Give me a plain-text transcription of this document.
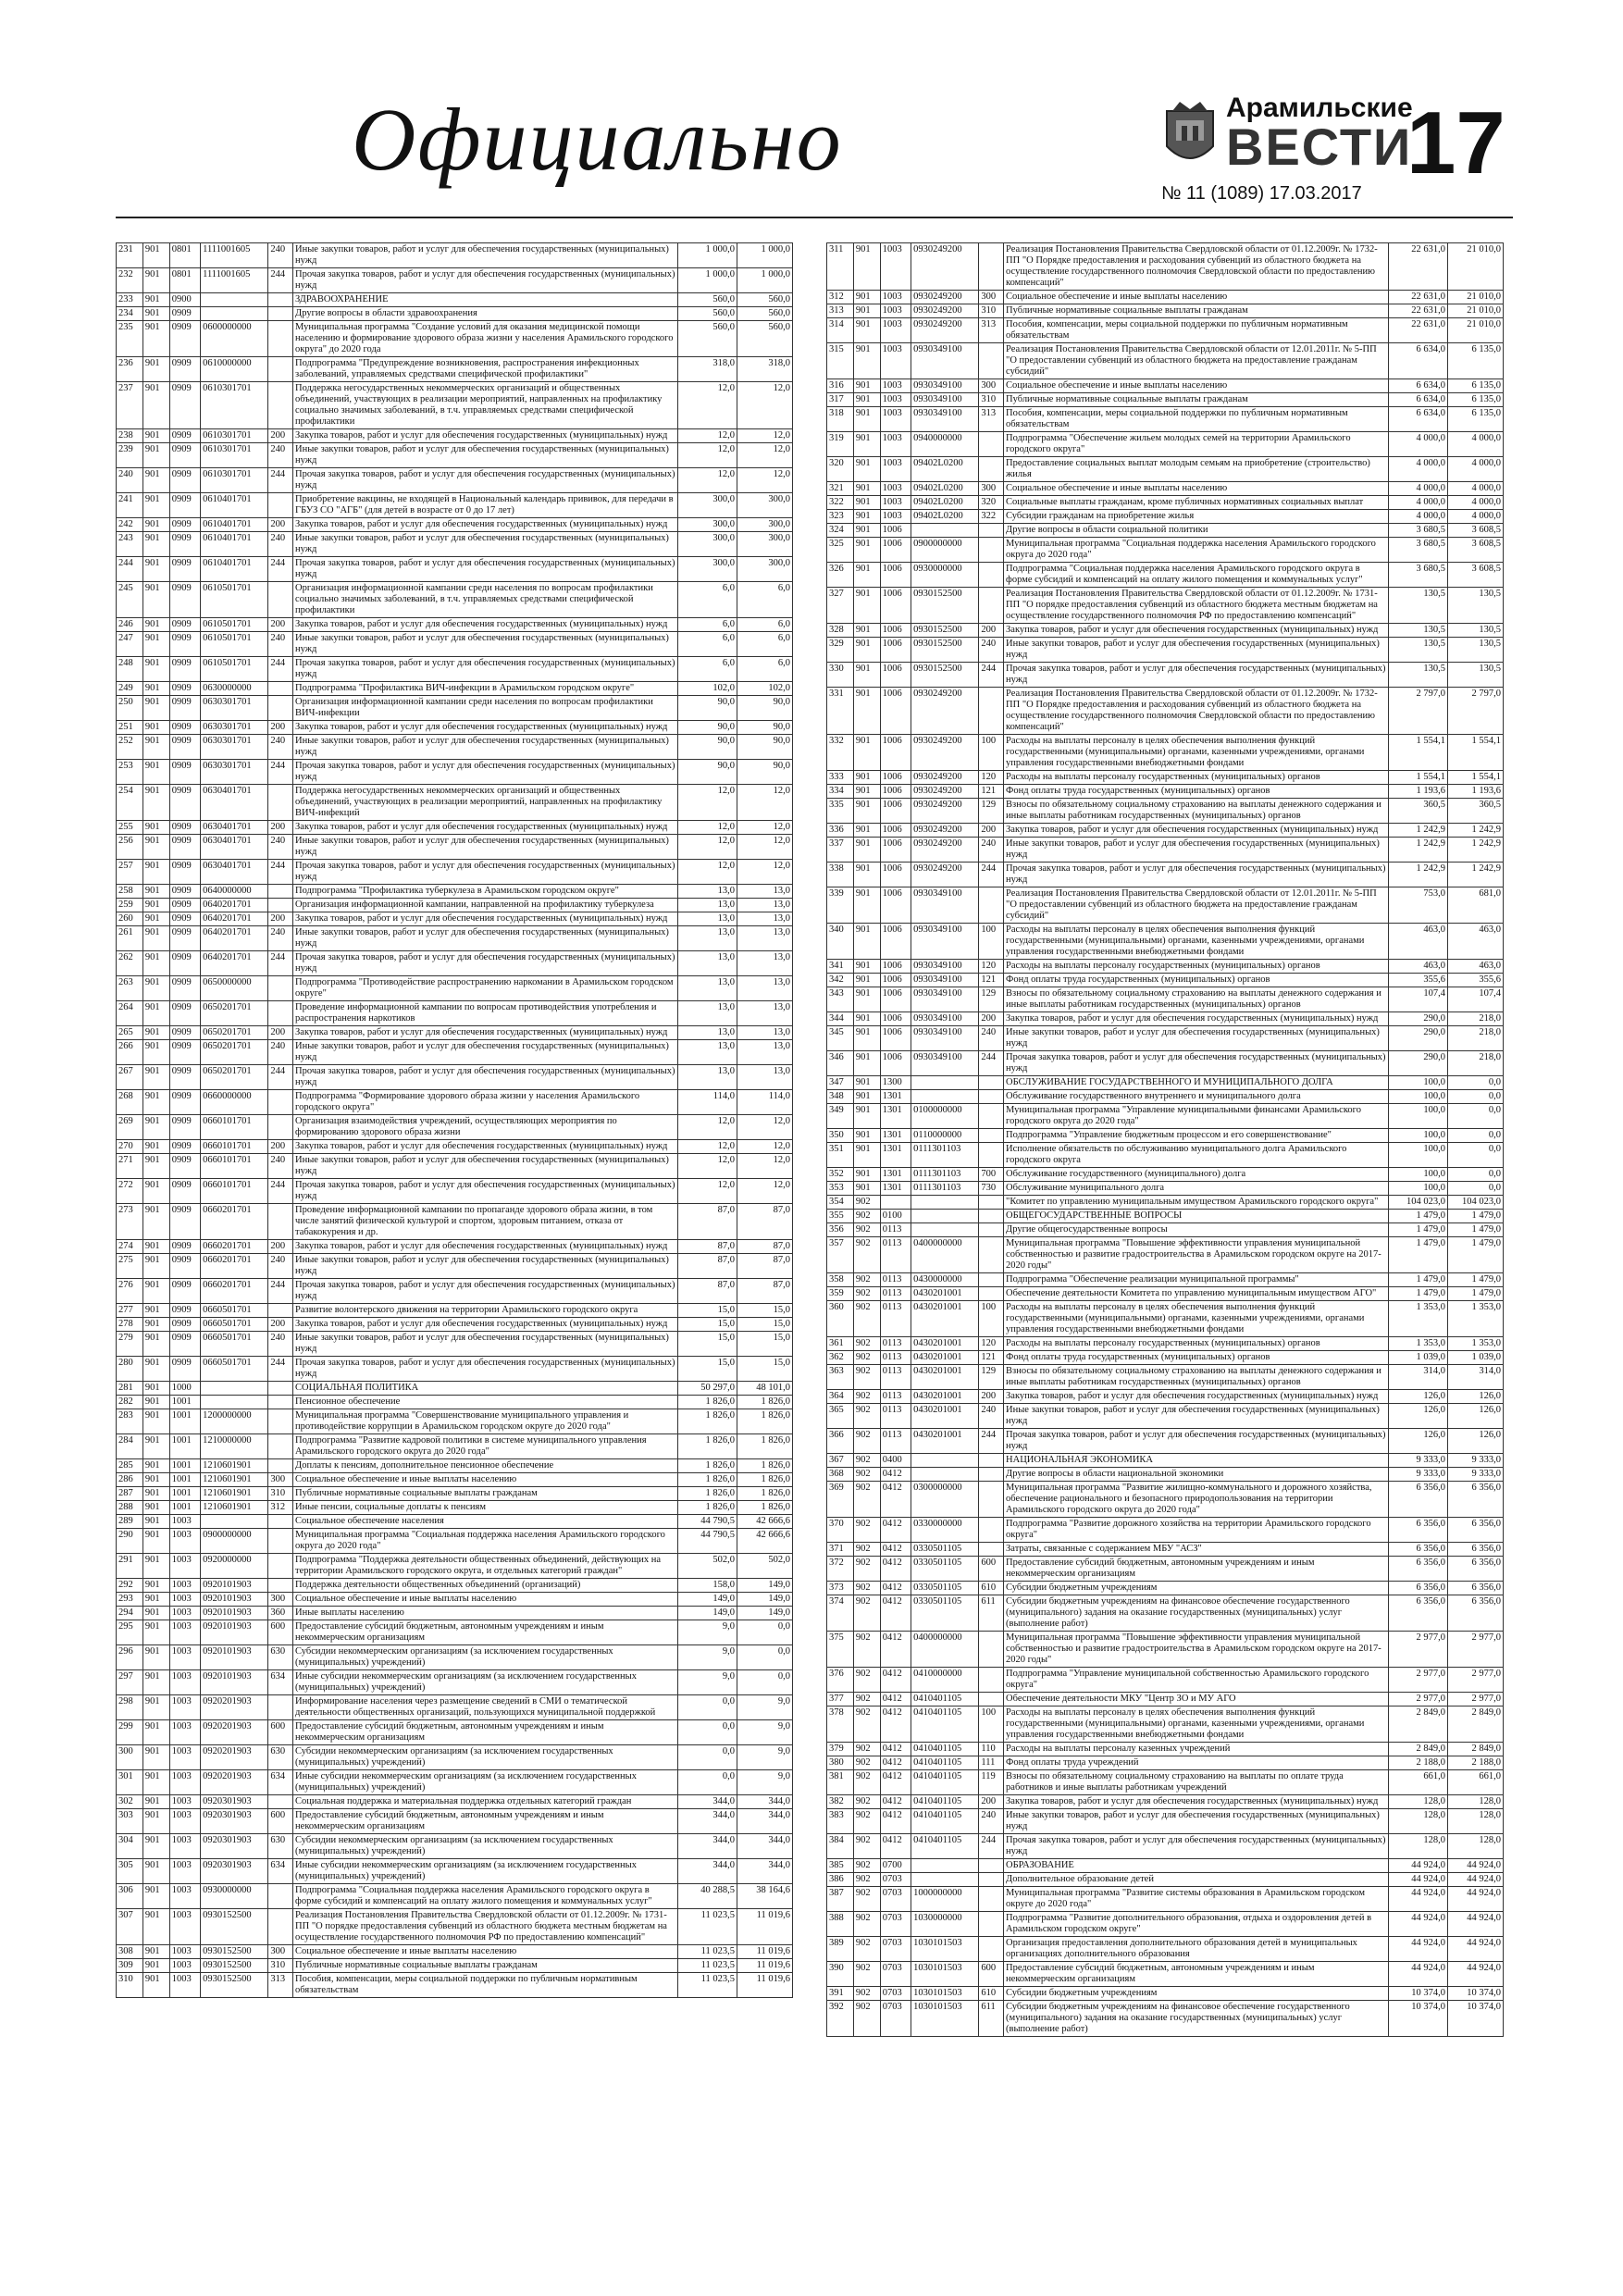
Официально	Арамильские
ВЕСТИ
17
№ 11 (1089) 17.03.2017
231	901	0801	1111001605	240	Иные закупки товаров, работ и услуг для обеспечения государственных (муниципальных) нужд	1 000,0	1 000,0
232	901	0801	1111001605	244	Прочая закупка товаров, работ и услуг для обеспечения государственных (муниципальных) нужд	1 000,0	1 000,0
233	901	0900			ЗДРАВООХРАНЕНИЕ	560,0	560,0
234	901	0909			Другие вопросы в области здравоохранения	560,0	560,0
235	901	0909	0600000000		Муниципальная программа "Создание условий для оказания медицинской помощи населению и формирование здорового образа жизни у населения Арамильского городского округа" до 2020 года	560,0	560,0
236	901	0909	0610000000		Подпрограмма "Предупреждение возникновения, распространения инфекционных заболеваний, управляемых средствами специфической профилактики"	318,0	318,0
237	901	0909	0610301701		Поддержка негосударственных некоммерческих организаций и общественных объединений, участвующих в реализации мероприятий, направленных на профилактику социально значимых заболеваний, в т.ч. управляемых средствами специфической профилактики	12,0	12,0
238	901	0909	0610301701	200	Закупка товаров, работ и услуг для обеспечения государственных (муниципальных) нужд	12,0	12,0
239	901	0909	0610301701	240	Иные закупки товаров, работ и услуг для обеспечения государственных (муниципальных) нужд	12,0	12,0
240	901	0909	0610301701	244	Прочая закупка товаров, работ и услуг для обеспечения государственных (муниципальных) нужд	12,0	12,0
241	901	0909	0610401701		Приобретение вакцины, не входящей в Национальный календарь прививок, для передачи в ГБУЗ СО "АГБ" (для детей в возрасте от 0 до 17 лет)	300,0	300,0
242	901	0909	0610401701	200	Закупка товаров, работ и услуг для обеспечения государственных (муниципальных) нужд	300,0	300,0
243	901	0909	0610401701	240	Иные закупки товаров, работ и услуг для обеспечения государственных (муниципальных) нужд	300,0	300,0
244	901	0909	0610401701	244	Прочая закупка товаров, работ и услуг для обеспечения государственных (муниципальных) нужд	300,0	300,0
245	901	0909	0610501701		Организация информационной кампании среди населения по вопросам профилактики социально значимых заболеваний, в т.ч. управляемых средствами специфической профилактики	6,0	6,0
246	901	0909	0610501701	200	Закупка товаров, работ и услуг для обеспечения государственных (муниципальных) нужд	6,0	6,0
247	901	0909	0610501701	240	Иные закупки товаров, работ и услуг для обеспечения государственных (муниципальных) нужд	6,0	6,0
248	901	0909	0610501701	244	Прочая закупка товаров, работ и услуг для обеспечения государственных (муниципальных) нужд	6,0	6,0
249	901	0909	0630000000		Подпрограмма "Профилактика ВИЧ-инфекции в Арамильском городском округе"	102,0	102,0
250	901	0909	0630301701		Организация информационной кампании среди населения по вопросам профилактики ВИЧ-инфекции	90,0	90,0
251	901	0909	0630301701	200	Закупка товаров, работ и услуг для обеспечения государственных (муниципальных) нужд	90,0	90,0
252	901	0909	0630301701	240	Иные закупки товаров, работ и услуг для обеспечения государственных (муниципальных) нужд	90,0	90,0
253	901	0909	0630301701	244	Прочая закупка товаров, работ и услуг для обеспечения государственных (муниципальных) нужд	90,0	90,0
254	901	0909	0630401701		Поддержка негосударственных некоммерческих организаций и общественных объединений, участвующих в реализации мероприятий, направленных на профилактику ВИЧ-инфекций	12,0	12,0
255	901	0909	0630401701	200	Закупка товаров, работ и услуг для обеспечения государственных (муниципальных) нужд	12,0	12,0
256	901	0909	0630401701	240	Иные закупки товаров, работ и услуг для обеспечения государственных (муниципальных) нужд	12,0	12,0
257	901	0909	0630401701	244	Прочая закупка товаров, работ и услуг для обеспечения государственных (муниципальных) нужд	12,0	12,0
258	901	0909	0640000000		Подпрограмма "Профилактика туберкулеза в Арамильском городском округе"	13,0	13,0
259	901	0909	0640201701		Организация информационной кампании, направленной на профилактику туберкулеза	13,0	13,0
260	901	0909	0640201701	200	Закупка товаров, работ и услуг для обеспечения государственных (муниципальных) нужд	13,0	13,0
261	901	0909	0640201701	240	Иные закупки товаров, работ и услуг для обеспечения государственных (муниципальных) нужд	13,0	13,0
262	901	0909	0640201701	244	Прочая закупка товаров, работ и услуг для обеспечения государственных (муниципальных) нужд	13,0	13,0
263	901	0909	0650000000		Подпрограмма "Противодействие распространению наркомании в Арамильском городском округе"	13,0	13,0
264	901	0909	0650201701		Проведение информационной кампании по вопросам противодействия употребления и распространения наркотиков	13,0	13,0
265	901	0909	0650201701	200	Закупка товаров, работ и услуг для обеспечения государственных (муниципальных) нужд	13,0	13,0
266	901	0909	0650201701	240	Иные закупки товаров, работ и услуг для обеспечения государственных (муниципальных) нужд	13,0	13,0
267	901	0909	0650201701	244	Прочая закупка товаров, работ и услуг для обеспечения государственных (муниципальных) нужд	13,0	13,0
268	901	0909	0660000000		Подпрограмма "Формирование здорового образа жизни у населения Арамильского городского округа"	114,0	114,0
269	901	0909	0660101701		Организация взаимодействия учреждений, осуществляющих мероприятия по формированию здорового образа жизни	12,0	12,0
270	901	0909	0660101701	200	Закупка товаров, работ и услуг для обеспечения государственных (муниципальных) нужд	12,0	12,0
271	901	0909	0660101701	240	Иные закупки товаров, работ и услуг для обеспечения государственных (муниципальных) нужд	12,0	12,0
272	901	0909	0660101701	244	Прочая закупка товаров, работ и услуг для обеспечения государственных (муниципальных) нужд	12,0	12,0
273	901	0909	0660201701		Проведение информационной кампании по пропаганде здорового образа жизни, в том числе занятий физической культурой и спортом, здоровым питанием, отказа от табакокурения и др.	87,0	87,0
274	901	0909	0660201701	200	Закупка товаров, работ и услуг для обеспечения государственных (муниципальных) нужд	87,0	87,0
275	901	0909	0660201701	240	Иные закупки товаров, работ и услуг для обеспечения государственных (муниципальных) нужд	87,0	87,0
276	901	0909	0660201701	244	Прочая закупка товаров, работ и услуг для обеспечения государственных (муниципальных) нужд	87,0	87,0
277	901	0909	0660501701		Развитие волонтерского движения на территории Арамильского городского округа	15,0	15,0
278	901	0909	0660501701	200	Закупка товаров, работ и услуг для обеспечения государственных (муниципальных) нужд	15,0	15,0
279	901	0909	0660501701	240	Иные закупки товаров, работ и услуг для обеспечения государственных (муниципальных) нужд	15,0	15,0
280	901	0909	0660501701	244	Прочая закупка товаров, работ и услуг для обеспечения государственных (муниципальных) нужд	15,0	15,0
281	901	1000			СОЦИАЛЬНАЯ ПОЛИТИКА	50 297,0	48 101,0
282	901	1001			Пенсионное обеспечение	1 826,0	1 826,0
283	901	1001	1200000000		Муниципальная программа "Совершенствование муниципального управления и противодействие коррупции в Арамильском городском округе до 2020 года"	1 826,0	1 826,0
284	901	1001	1210000000		Подпрограмма "Развитие кадровой политики в системе муниципального управления Арамильского городского округа до 2020 года"	1 826,0	1 826,0
285	901	1001	1210601901		Доплаты к пенсиям, дополнительное пенсионное обеспечение	1 826,0	1 826,0
286	901	1001	1210601901	300	Социальное обеспечение и иные выплаты населению	1 826,0	1 826,0
287	901	1001	1210601901	310	Публичные нормативные социальные выплаты гражданам	1 826,0	1 826,0
288	901	1001	1210601901	312	Иные пенсии, социальные доплаты к пенсиям	1 826,0	1 826,0
289	901	1003			Социальное обеспечение населения	44 790,5	42 666,6
290	901	1003	0900000000		Муниципальная программа "Социальная поддержка населения Арамильского городского округа до 2020 года"	44 790,5	42 666,6
291	901	1003	0920000000		Подпрограмма "Поддержка деятельности общественных объединений, действующих на территории Арамильского городского округа, и отдельных категорий граждан"	502,0	502,0
292	901	1003	0920101903		Поддержка деятельности общественных объединений (организаций)	158,0	149,0
293	901	1003	0920101903	300	Социальное обеспечение и иные выплаты населению	149,0	149,0
294	901	1003	0920101903	360	Иные выплаты населению	149,0	149,0
295	901	1003	0920101903	600	Предоставление субсидий бюджетным, автономным учреждениям и иным некоммерческим организациям	9,0	0,0
296	901	1003	0920101903	630	Субсидии некоммерческим организациям (за исключением государственных (муниципальных) учреждений)	9,0	0,0
297	901	1003	0920101903	634	Иные субсидии некоммерческим организациям (за исключением государственных (муниципальных) учреждений)	9,0	0,0
298	901	1003	0920201903		Информирование населения через размещение сведений в СМИ о тематической деятельности общественных организаций, пользующихся муниципальной поддержкой	0,0	9,0
299	901	1003	0920201903	600	Предоставление субсидий бюджетным, автономным учреждениям и иным некоммерческим организациям	0,0	9,0
300	901	1003	0920201903	630	Субсидии некоммерческим организациям (за исключением государственных (муниципальных) учреждений)	0,0	9,0
301	901	1003	0920201903	634	Иные субсидии некоммерческим организациям (за исключением государственных (муниципальных) учреждений)	0,0	9,0
302	901	1003	0920301903		Социальная поддержка и материальная поддержка отдельных категорий граждан	344,0	344,0
303	901	1003	0920301903	600	Предоставление субсидий бюджетным, автономным учреждениям и иным некоммерческим организациям	344,0	344,0
304	901	1003	0920301903	630	Субсидии некоммерческим организациям (за исключением государственных (муниципальных) учреждений)	344,0	344,0
305	901	1003	0920301903	634	Иные субсидии некоммерческим организациям (за исключением государственных (муниципальных) учреждений)	344,0	344,0
306	901	1003	0930000000		Подпрограмма "Социальная поддержка населения Арамильского городского округа в форме субсидий и компенсаций на оплату жилого помещения и коммунальных услуг"	40 288,5	38 164,6
307	901	1003	0930152500		Реализация Постановления Правительства Свердловской области от 01.12.2009г. № 1731-ПП "О порядке предоставления субвенций из областного бюджета местным бюджетам на осуществление государственного полномочия РФ по предоставлению компенсаций"	11 023,5	11 019,6
308	901	1003	0930152500	300	Социальное обеспечение и иные выплаты населению	11 023,5	11 019,6
309	901	1003	0930152500	310	Публичные нормативные социальные выплаты гражданам	11 023,5	11 019,6
310	901	1003	0930152500	313	Пособия, компенсации, меры социальной поддержки по публичным нормативным обязательствам	11 023,5	11 019,6
311	901	1003	0930249200		Реализация Постановления Правительства Свердловской области от 01.12.2009г. № 1732-ПП "О Порядке предоставления и расходования субвенций из областного бюджета на осуществление государственного полномочия Свердловской области по предоставлению компенсаций"	22 631,0	21 010,0
312	901	1003	0930249200	300	Социальное обеспечение и иные выплаты населению	22 631,0	21 010,0
313	901	1003	0930249200	310	Публичные нормативные социальные выплаты гражданам	22 631,0	21 010,0
314	901	1003	0930249200	313	Пособия, компенсации, меры социальной поддержки по публичным нормативным обязательствам	22 631,0	21 010,0
315	901	1003	0930349100		Реализация Постановления Правительства Свердловской области от 12.01.2011г. № 5-ПП "О предоставлении субвенций из областного бюджета на предоставление гражданам субсидий"	6 634,0	6 135,0
316	901	1003	0930349100	300	Социальное обеспечение и иные выплаты населению	6 634,0	6 135,0
317	901	1003	0930349100	310	Публичные нормативные социальные выплаты гражданам	6 634,0	6 135,0
318	901	1003	0930349100	313	Пособия, компенсации, меры социальной поддержки по публичным нормативным обязательствам	6 634,0	6 135,0
319	901	1003	0940000000		Подпрограмма "Обеспечение жильем молодых семей на территории Арамильского городского округа"	4 000,0	4 000,0
320	901	1003	09402L0200		Предоставление социальных выплат молодым семьям на приобретение (строительство) жилья	4 000,0	4 000,0
321	901	1003	09402L0200	300	Социальное обеспечение и иные выплаты населению	4 000,0	4 000,0
322	901	1003	09402L0200	320	Социальные выплаты гражданам, кроме публичных нормативных социальных выплат	4 000,0	4 000,0
323	901	1003	09402L0200	322	Субсидии гражданам на приобретение жилья	4 000,0	4 000,0
324	901	1006			Другие вопросы в области социальной политики	3 680,5	3 608,5
325	901	1006	0900000000		Муниципальная программа "Социальная поддержка населения Арамильского городского округа до 2020 года"	3 680,5	3 608,5
326	901	1006	0930000000		Подпрограмма "Социальная поддержка населения Арамильского городского округа в форме субсидий и компенсаций на оплату жилого помещения и коммунальных услуг"	3 680,5	3 608,5
327	901	1006	0930152500		Реализация Постановления Правительства Свердловской области от 01.12.2009г. № 1731-ПП "О порядке предоставления субвенций из областного бюджета местным бюджетам на осуществление государственного полномочия РФ по предоставлению компенсаций"	130,5	130,5
328	901	1006	0930152500	200	Закупка товаров, работ и услуг для обеспечения государственных (муниципальных) нужд	130,5	130,5
329	901	1006	0930152500	240	Иные закупки товаров, работ и услуг для обеспечения государственных (муниципальных) нужд	130,5	130,5
330	901	1006	0930152500	244	Прочая закупка товаров, работ и услуг для обеспечения государственных (муниципальных) нужд	130,5	130,5
331	901	1006	0930249200		Реализация Постановления Правительства Свердловской области от 01.12.2009г. № 1732-ПП "О Порядке предоставления и расходования субвенций из областного бюджета на осуществление государственного полномочия Свердловской области по предоставлению компенсаций"	2 797,0	2 797,0
332	901	1006	0930249200	100	Расходы на выплаты персоналу в целях обеспечения выполнения функций государственными (муниципальными) органами, казенными учреждениями, органами управления государственными внебюджетными фондами	1 554,1	1 554,1
333	901	1006	0930249200	120	Расходы на выплаты персоналу государственных (муниципальных) органов	1 554,1	1 554,1
334	901	1006	0930249200	121	Фонд оплаты труда государственных (муниципальных) органов	1 193,6	1 193,6
335	901	1006	0930249200	129	Взносы по обязательному социальному страхованию на выплаты денежного содержания и иные выплаты работникам государственных (муниципальных) органов	360,5	360,5
336	901	1006	0930249200	200	Закупка товаров, работ и услуг для обеспечения государственных (муниципальных) нужд	1 242,9	1 242,9
337	901	1006	0930249200	240	Иные закупки товаров, работ и услуг для обеспечения государственных (муниципальных) нужд	1 242,9	1 242,9
338	901	1006	0930249200	244	Прочая закупка товаров, работ и услуг для обеспечения государственных (муниципальных) нужд	1 242,9	1 242,9
339	901	1006	0930349100		Реализация Постановления Правительства Свердловской области от 12.01.2011г. № 5-ПП "О предоставлении субвенций из областного бюджета на предоставление гражданам субсидий"	753,0	681,0
340	901	1006	0930349100	100	Расходы на выплаты персоналу в целях обеспечения выполнения функций государственными (муниципальными) органами, казенными учреждениями, органами управления государственными внебюджетными фондами	463,0	463,0
341	901	1006	0930349100	120	Расходы на выплаты персоналу государственных (муниципальных) органов	463,0	463,0
342	901	1006	0930349100	121	Фонд оплаты труда государственных (муниципальных) органов	355,6	355,6
343	901	1006	0930349100	129	Взносы по обязательному социальному страхованию на выплаты денежного содержания и иные выплаты работникам государственных (муниципальных) органов	107,4	107,4
344	901	1006	0930349100	200	Закупка товаров, работ и услуг для обеспечения государственных (муниципальных) нужд	290,0	218,0
345	901	1006	0930349100	240	Иные закупки товаров, работ и услуг для обеспечения государственных (муниципальных) нужд	290,0	218,0
346	901	1006	0930349100	244	Прочая закупка товаров, работ и услуг для обеспечения государственных (муниципальных) нужд	290,0	218,0
347	901	1300			ОБСЛУЖИВАНИЕ ГОСУДАРСТВЕННОГО И МУНИЦИПАЛЬНОГО ДОЛГА	100,0	0,0
348	901	1301			Обслуживание государственного внутреннего и муниципального долга	100,0	0,0
349	901	1301	0100000000		Муниципальная программа "Управление муниципальными финансами Арамильского городского округа до 2020 года"	100,0	0,0
350	901	1301	0110000000		Подпрограмма "Управление бюджетным процессом и его совершенствование"	100,0	0,0
351	901	1301	0111301103		Исполнение обязательств по обслуживанию муниципального долга Арамильского городского округа	100,0	0,0
352	901	1301	0111301103	700	Обслуживание государственного (муниципального) долга	100,0	0,0
353	901	1301	0111301103	730	Обслуживание муниципального долга	100,0	0,0
354	902				"Комитет по управлению муниципальным имуществом Арамильского городского округа"	104 023,0	104 023,0
355	902	0100			ОБЩЕГОСУДАРСТВЕННЫЕ ВОПРОСЫ	1 479,0	1 479,0
356	902	0113			Другие общегосударственные вопросы	1 479,0	1 479,0
357	902	0113	0400000000		Муниципальная программа "Повышение эффективности управления муниципальной собственностью и развитие градостроительства в Арамильском городском округе на 2017-2020 годы"	1 479,0	1 479,0
358	902	0113	0430000000		Подпрограмма "Обеспечение реализации муниципальной программы"	1 479,0	1 479,0
359	902	0113	0430201001		Обеспечение деятельности Комитета по управлению муниципальным имуществом АГО"	1 479,0	1 479,0
360	902	0113	0430201001	100	Расходы на выплаты персоналу в целях обеспечения выполнения функций государственными (муниципальными) органами, казенными учреждениями, органами управления государственными внебюджетными фондами	1 353,0	1 353,0
361	902	0113	0430201001	120	Расходы на выплаты персоналу государственных (муниципальных) органов	1 353,0	1 353,0
362	902	0113	0430201001	121	Фонд оплаты труда государственных (муниципальных) органов	1 039,0	1 039,0
363	902	0113	0430201001	129	Взносы по обязательному социальному страхованию на выплаты денежного содержания и иные выплаты работникам государственных (муниципальных) органов	314,0	314,0
364	902	0113	0430201001	200	Закупка товаров, работ и услуг для обеспечения государственных (муниципальных) нужд	126,0	126,0
365	902	0113	0430201001	240	Иные закупки товаров, работ и услуг для обеспечения государственных (муниципальных) нужд	126,0	126,0
366	902	0113	0430201001	244	Прочая закупка товаров, работ и услуг для обеспечения государственных (муниципальных) нужд	126,0	126,0
367	902	0400			НАЦИОНАЛЬНАЯ ЭКОНОМИКА	9 333,0	9 333,0
368	902	0412			Другие вопросы в области национальной экономики	9 333,0	9 333,0
369	902	0412	0300000000		Муниципальная программа "Развитие жилищно-коммунального и дорожного хозяйства, обеспечение рационального и безопасного природопользования на территории Арамильского городского округа до 2020 года"	6 356,0	6 356,0
370	902	0412	0330000000		Подпрограмма "Развитие дорожного хозяйства на территории Арамильского городского округа"	6 356,0	6 356,0
371	902	0412	0330501105		Затраты, связанные с содержанием МБУ "АСЗ"	6 356,0	6 356,0
372	902	0412	0330501105	600	Предоставление субсидий бюджетным, автономным учреждениям и иным некоммерческим организациям	6 356,0	6 356,0
373	902	0412	0330501105	610	Субсидии бюджетным учреждениям	6 356,0	6 356,0
374	902	0412	0330501105	611	Субсидии бюджетным учреждениям на финансовое обеспечение государственного (муниципального) задания на оказание государственных (муниципальных) услуг (выполнение работ)	6 356,0	6 356,0
375	902	0412	0400000000		Муниципальная программа "Повышение эффективности управления муниципальной собственностью и развитие градостроительства в Арамильском городском округе на 2017-2020 годы"	2 977,0	2 977,0
376	902	0412	0410000000		Подпрограмма "Управление муниципальной собственностью Арамильского городского округа"	2 977,0	2 977,0
377	902	0412	0410401105		Обеспечение деятельности МКУ "Центр ЗО и МУ АГО	2 977,0	2 977,0
378	902	0412	0410401105	100	Расходы на выплаты персоналу в целях обеспечения выполнения функций государственными (муниципальными) органами, казенными учреждениями, органами управления государственными внебюджетными фондами	2 849,0	2 849,0
379	902	0412	0410401105	110	Расходы на выплаты персоналу казенных учреждений	2 849,0	2 849,0
380	902	0412	0410401105	111	Фонд оплаты труда учреждений	2 188,0	2 188,0
381	902	0412	0410401105	119	Взносы по обязательному социальному страхованию на выплаты по оплате труда работников и иные выплаты работникам учреждений	661,0	661,0
382	902	0412	0410401105	200	Закупка товаров, работ и услуг для обеспечения государственных (муниципальных) нужд	128,0	128,0
383	902	0412	0410401105	240	Иные закупки товаров, работ и услуг для обеспечения государственных (муниципальных) нужд	128,0	128,0
384	902	0412	0410401105	244	Прочая закупка товаров, работ и услуг для обеспечения государственных (муниципальных) нужд	128,0	128,0
385	902	0700			ОБРАЗОВАНИЕ	44 924,0	44 924,0
386	902	0703			Дополнительное образование детей	44 924,0	44 924,0
387	902	0703	1000000000		Муниципальная программа "Развитие системы образования в Арамильском городском округе до 2020 года"	44 924,0	44 924,0
388	902	0703	1030000000		Подпрограмма "Развитие дополнительного образования, отдыха и оздоровления детей в Арамильском городском округе"	44 924,0	44 924,0
389	902	0703	1030101503		Организация предоставления дополнительного образования детей в муниципальных организациях дополнительного образования	44 924,0	44 924,0
390	902	0703	1030101503	600	Предоставление субсидий бюджетным, автономным учреждениям и иным некоммерческим организациям	44 924,0	44 924,0
391	902	0703	1030101503	610	Субсидии бюджетным учреждениям	10 374,0	10 374,0
392	902	0703	1030101503	611	Субсидии бюджетным учреждениям на финансовое обеспечение государственного (муниципального) задания на оказание государственных (муниципальных) услуг (выполнение работ)	10 374,0	10 374,0
